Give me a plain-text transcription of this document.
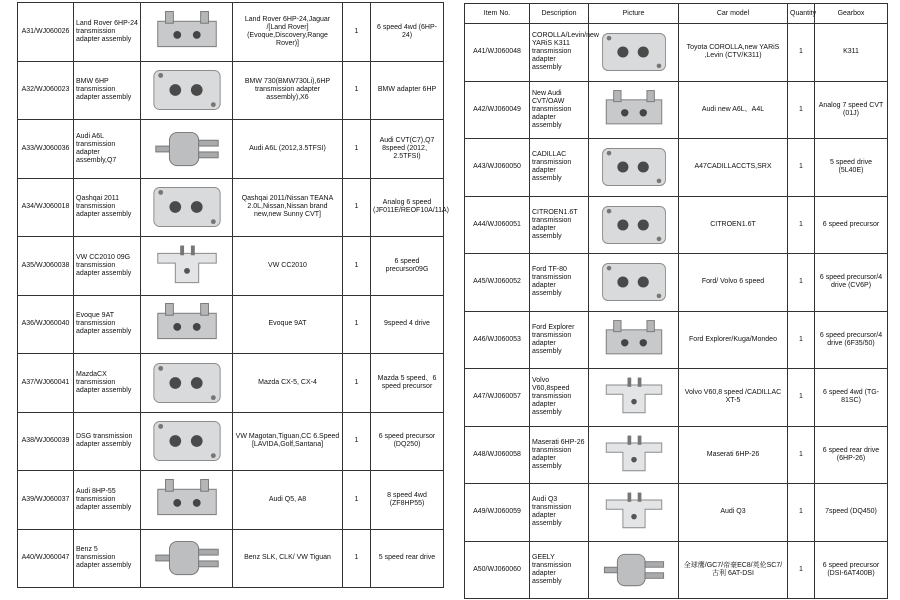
A31/WJ060026	Land Rover 6HP-24 transmission adapter assembly		Land Rover 6HP-24,Jaguar /[Land Rover](Evoque,Discovery,Range Rover)]	1	6 speed 4wd (6HP-24)
A32/WJ060023	BMW 6HP transmission adapter assembly		BMW 730(BMW730Li),6HP transmission adapter assembly),X6	1	BMW adapter 6HP
A33/WJ060036	Audi A6L transmission adapter assembly,Q7		Audi A6L (2012,3.5TFSI)	1	Audi CVT(C7),Q7 8speed (2012、2.5TFSI)
A34/WJ060018	Qashqai 2011 transmission adapter assembly		Qashqai 2011/Nissan TEANA 2.0L,Nissan,Nissan brand new,new Sunny CVT]	1	Analog 6 speed (JF011E/REOF10A/11A)
A35/WJ060038	VW CC2010 09G transmission adapter assembly		VW CC2010	1	6 speed precursor09G
A36/WJ060040	Evoque 9AT transmission adapter assembly		Evoque 9AT	1	9speed 4 drive
A37/WJ060041	MazdaCX transmission adapter assembly		Mazda CX-5, CX-4	1	Mazda 5 speed、6 speed precursor
A38/WJ060039	DSG transmission adapter assembly		VW Magotan,Tiguan,CC 6.Speed [LAVIDA,Golf,Santana]	1	6 speed precursor (DQ250)
A39/WJ060037	Audi 8HP-55 transmission adapter assembly		Audi Q5, A8	1	8 speed 4wd (ZF8HP55)
A40/WJ060047	Benz 5 transmission adapter assembly		Benz SLK, CLK/ VW Tiguan	1	5 speed rear drive
Item No.	Description	Picture	Car model	Quantity	Gearbox
A41/WJ060048	COROLLA/Levin/new YARiS K311 transmission adapter assembly		Toyota COROLLA,new YARiS ,Levin (CTV/K311)	1	K311
A42/WJ060049	New Audi CVT/OAW transmission adapter assembly		Audi new A6L、A4L	1	Analog 7 speed CVT (01J)
A43/WJ060050	CADILLAC transmission adapter assembly		A47CADILLACCTS,SRX	1	5 speed drive (5L40E)
A44/WJ060051	CITROEN1.6T transmission adapter assembly		CITROEN1.6T	1	6 speed precursor
A45/WJ060052	Ford TF-80 transmission adapter assembly		Ford/ Volvo 6 speed	1	6 speed precursor/4 drive (CV6P)
A46/WJ060053	Ford Explorer transmission adapter assembly		Ford Explorer/Kuga/Mondeo	1	6 speed precursor/4 drive (6F35/50)
A47/WJ060057	Volvo V60,8speed transmission adapter assembly		Volvo V60,8 speed /CADILLAC XT-5	1	6 speed 4wd (TG-81SC)
A48/WJ060058	Maserati 6HP-26 transmission adapter assembly		Maserati 6HP-26	1	6 speed rear drive (6HP-26)
A49/WJ060059	Audi Q3 transmission adapter assembly		Audi Q3	1	7speed (DQ450)
A50/WJ060060	GEELY transmission adapter assembly		全球鹰/GC7/帝豪EC8/英伦SC7/古利 6AT-DSI	1	6 speed precursor (DSI-6AT400B)
